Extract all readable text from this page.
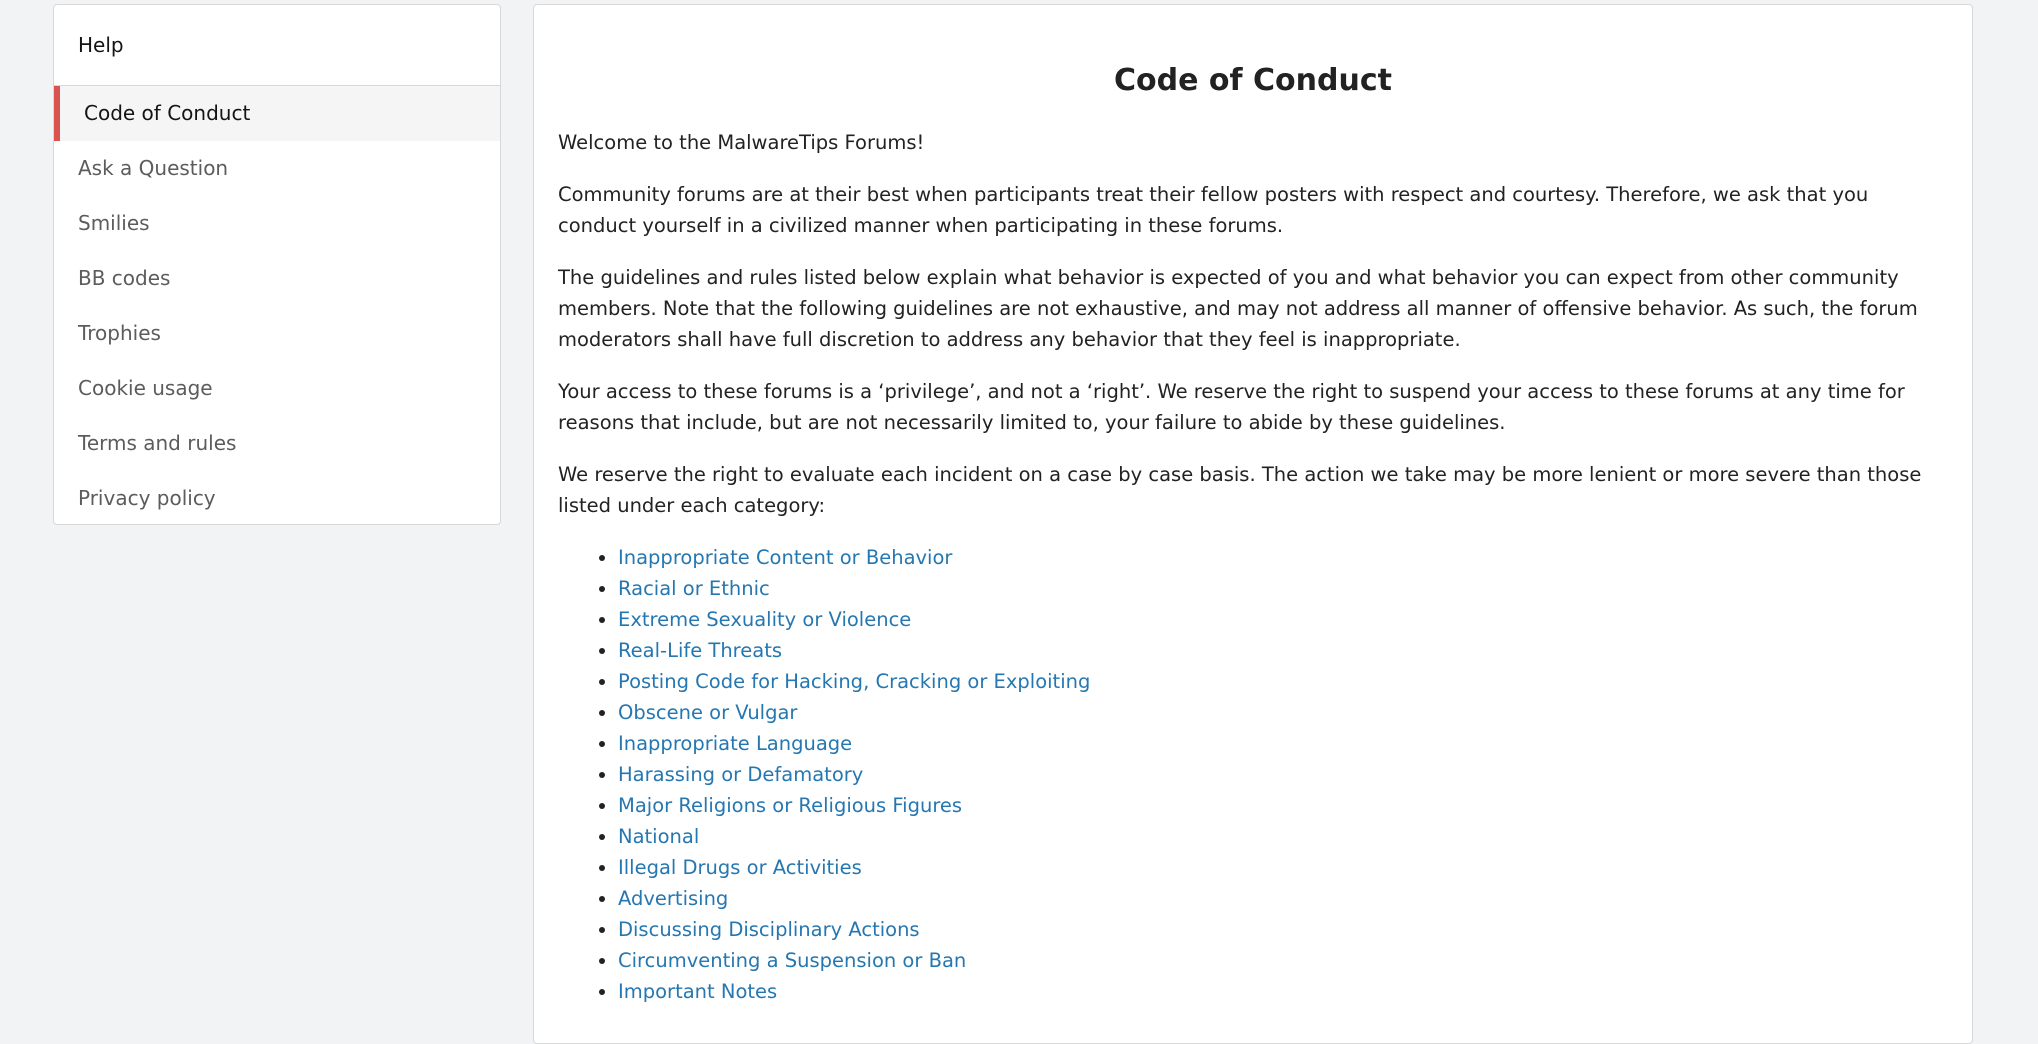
Help
Code of Conduct
Ask a Question
Smilies
BB codes
Trophies
Cookie usage
Terms and rules
Privacy policy
Code of Conduct

Welcome to the MalwareTips Forums!

Community forums are at their best when participants treat their fellow posters with respect and courtesy. Therefore, we ask that you conduct yourself in a civilized manner when participating in these forums.

The guidelines and rules listed below explain what behavior is expected of you and what behavior you can expect from other community members. Note that the following guidelines are not exhaustive, and may not address all manner of offensive behavior. As such, the forum moderators shall have full discretion to address any behavior that they feel is inappropriate.

Your access to these forums is a ‘privilege’, and not a ‘right’. We reserve the right to suspend your access to these forums at any time for reasons that include, but are not necessarily limited to, your failure to abide by these guidelines.

We reserve the right to evaluate each incident on a case by case basis. The action we take may be more lenient or more severe than those listed under each category:

• Inappropriate Content or Behavior
• Racial or Ethnic
• Extreme Sexuality or Violence
• Real-Life Threats
• Posting Code for Hacking, Cracking or Exploiting
• Obscene or Vulgar
• Inappropriate Language
• Harassing or Defamatory
• Major Religions or Religious Figures
• National
• Illegal Drugs or Activities
• Advertising
• Discussing Disciplinary Actions
• Circumventing a Suspension or Ban
• Important Notes
